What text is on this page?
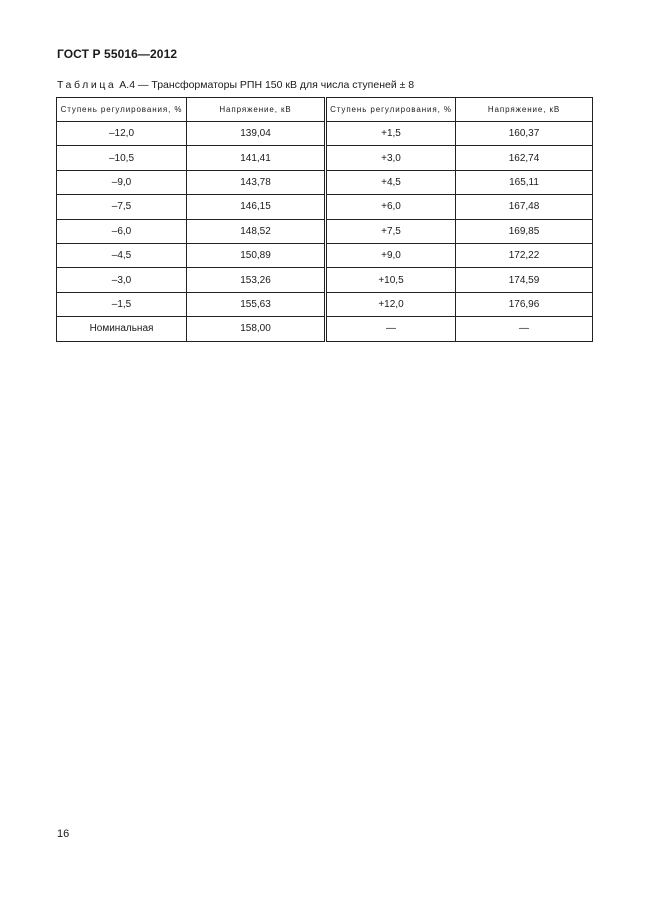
ГОСТ Р 55016—2012
Таблица А.4 — Трансформаторы РПН 150 кВ для числа ступеней ± 8
Ступень регулирования, %	Напряжение, кВ	Ступень регулирования, %	Напряжение, кВ
–12,0	139,04	+1,5	160,37
–10,5	141,41	+3,0	162,74
–9,0	143,78	+4,5	165,11
–7,5	146,15	+6,0	167,48
–6,0	148,52	+7,5	169,85
–4,5	150,89	+9,0	172,22
–3,0	153,26	+10,5	174,59
–1,5	155,63	+12,0	176,96
Номинальная	158,00	—	—
16
